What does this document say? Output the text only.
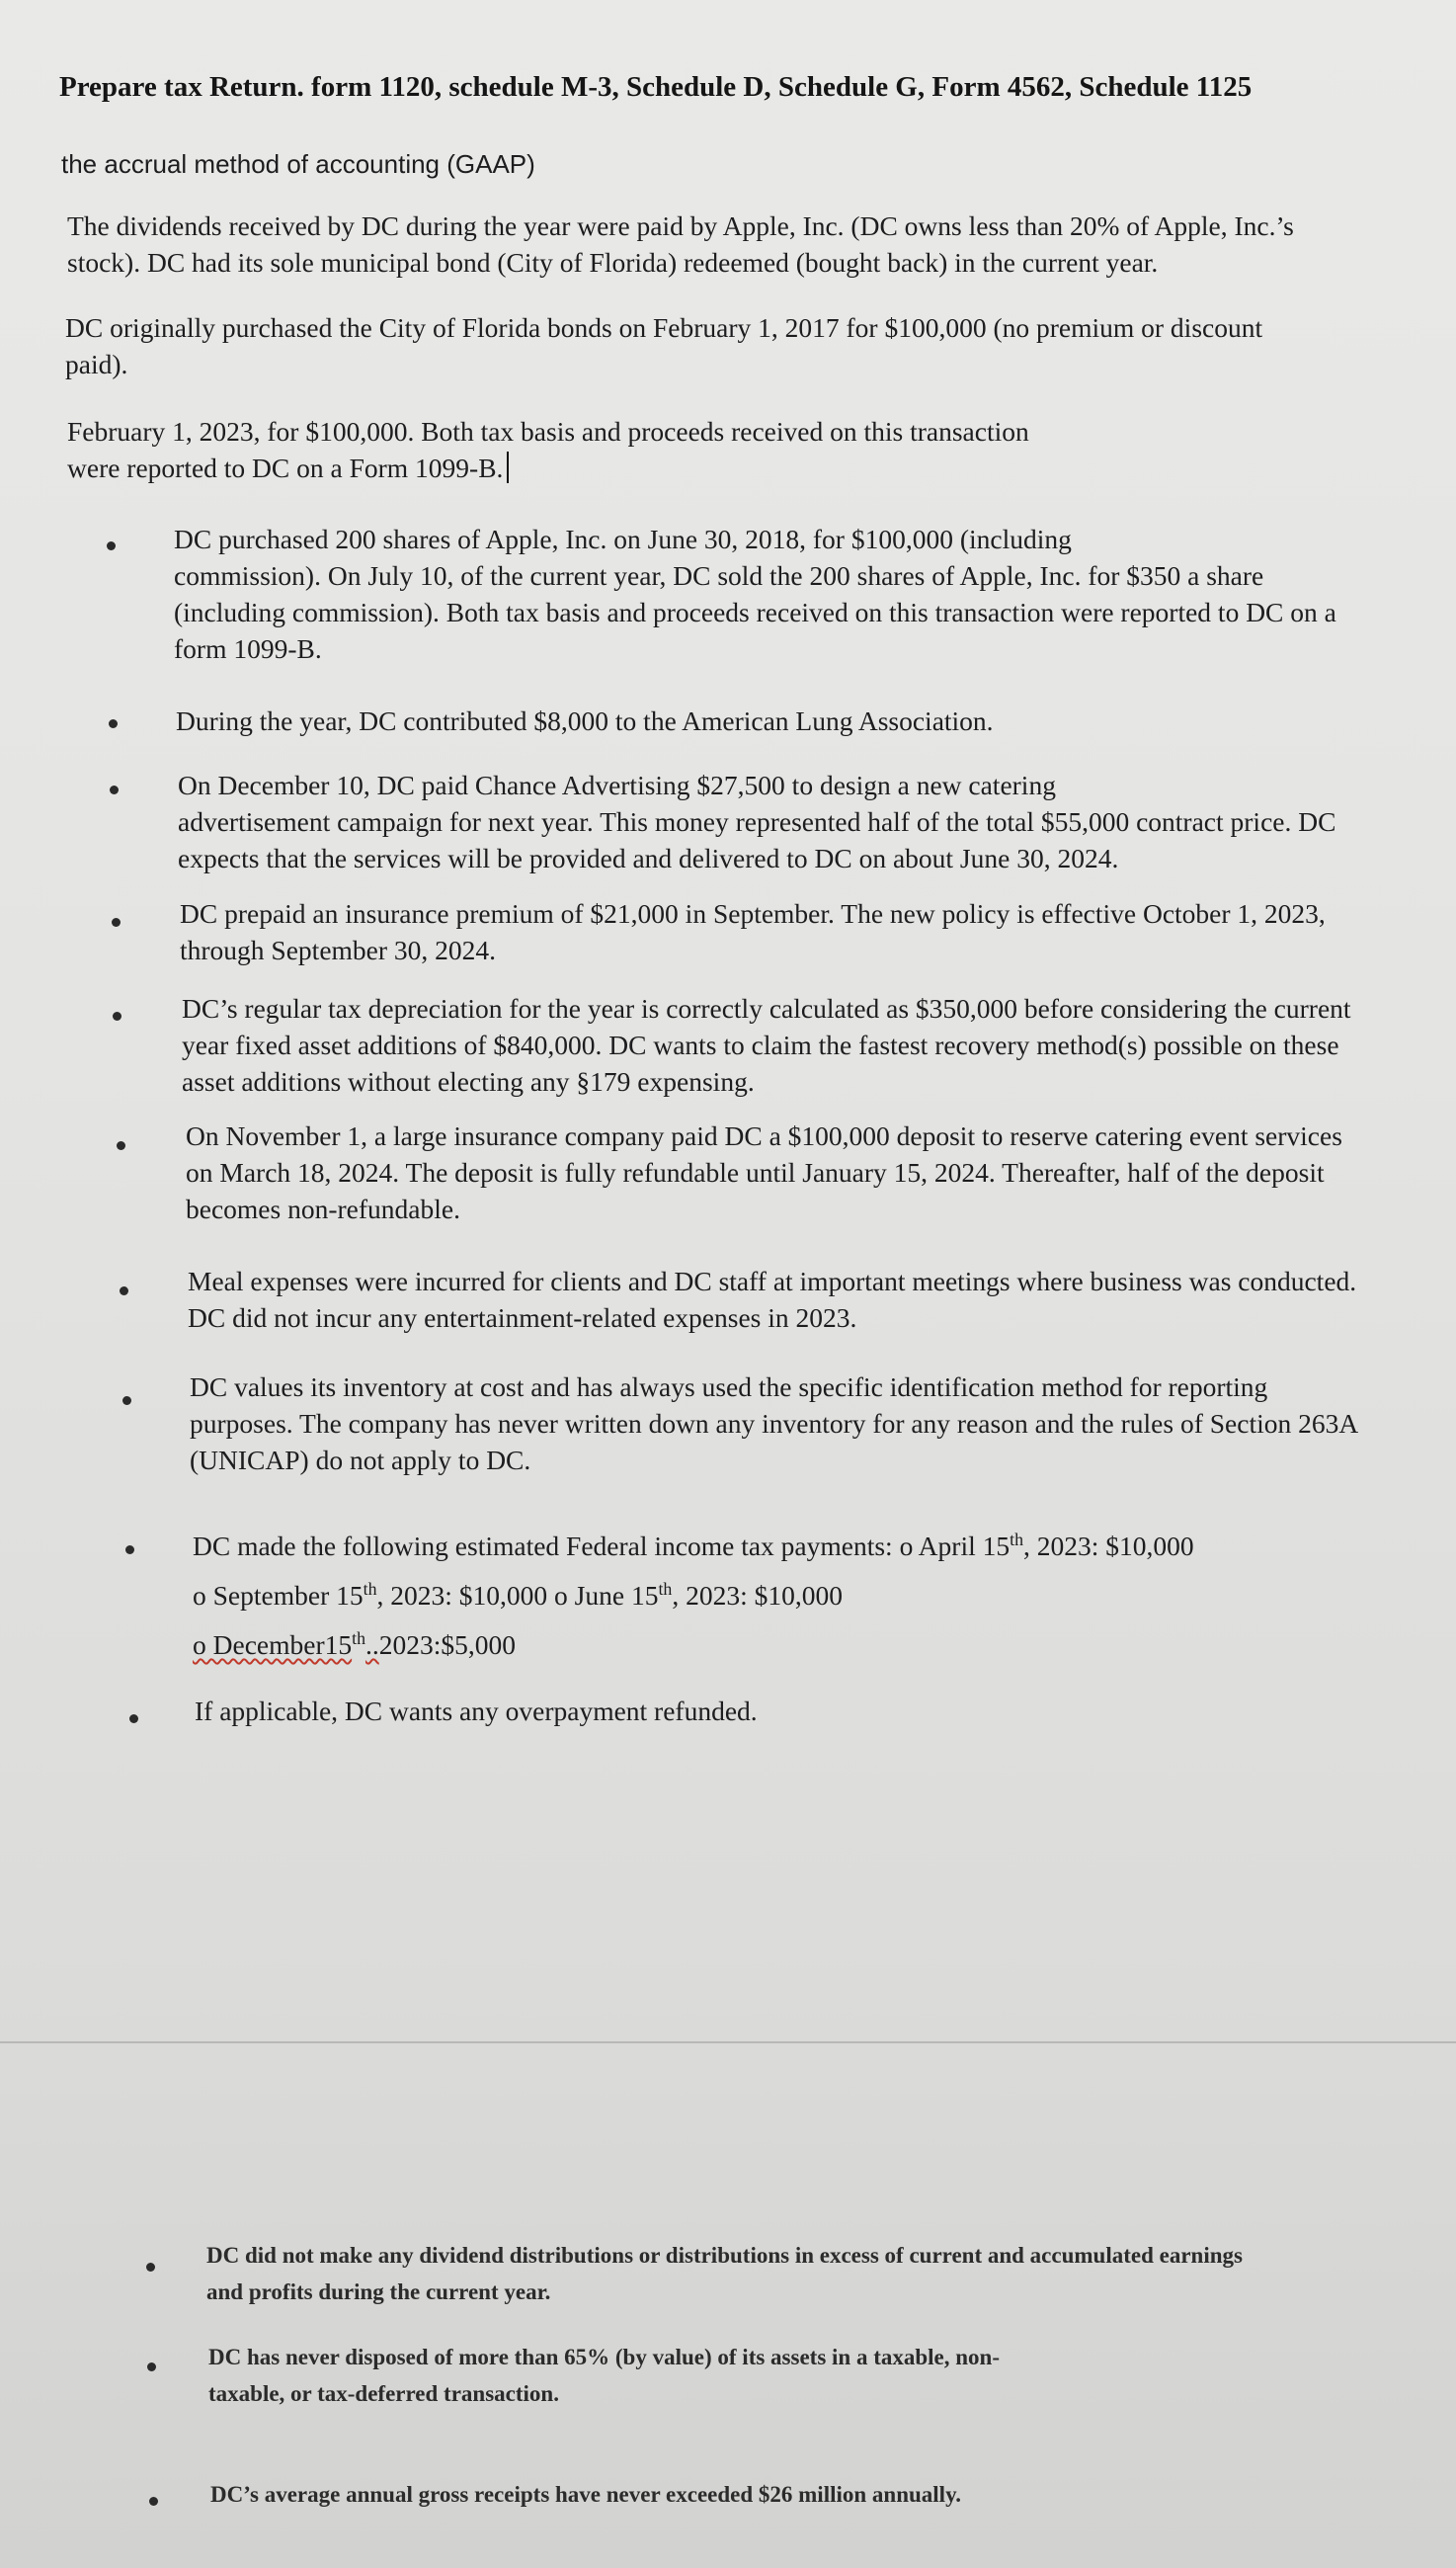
Prepare tax Return. form 1120, schedule M-3, Schedule D, Schedule G, Form 4562, Schedule 1125
the accrual method of accounting (GAAP)
The dividends received by DC during the year were paid by Apple, Inc. (DC owns less than 20% of Apple, Inc.’s
stock). DC had its sole municipal bond (City of Florida) redeemed (bought back) in the current year.
DC originally purchased the City of Florida bonds on February 1, 2017 for $100,000 (no premium or discount
paid).
February 1, 2023, for $100,000. Both tax basis and proceeds received on this transaction
were reported to DC on a Form 1099-B.
DC purchased 200 shares of Apple, Inc. on June 30, 2018, for $100,000 (including
commission). On July 10, of the current year, DC sold the 200 shares of Apple, Inc. for $350 a share
(including commission). Both tax basis and proceeds received on this transaction were reported to DC on a
form 1099-B.
During the year, DC contributed $8,000 to the American Lung Association.
On December 10, DC paid Chance Advertising $27,500 to design a new catering
advertisement campaign for next year. This money represented half of the total $55,000 contract price. DC
expects that the services will be provided and delivered to DC on about June 30, 2024.
DC prepaid an insurance premium of $21,000 in September. The new policy is effective October 1, 2023,
through September 30, 2024.
DC’s regular tax depreciation for the year is correctly calculated as $350,000 before considering the current
year fixed asset additions of $840,000. DC wants to claim the fastest recovery method(s) possible on these
asset additions without electing any §179 expensing.
On November 1, a large insurance company paid DC a $100,000 deposit to reserve catering event services
on March 18, 2024. The deposit is fully refundable until January 15, 2024. Thereafter, half of the deposit
becomes non-refundable.
Meal expenses were incurred for clients and DC staff at important meetings where business was conducted.
DC did not incur any entertainment-related expenses in 2023.
DC values its inventory at cost and has always used the specific identification method for reporting
purposes. The company has never written down any inventory for any reason and the rules of Section 263A
(UNICAP) do not apply to DC.
DC made the following estimated Federal income tax payments: o April 15th, 2023: $10,000
o September 15th, 2023: $10,000 o June 15th, 2023: $10,000
o December15th..2023:$5,000
If applicable, DC wants any overpayment refunded.
DC did not make any dividend distributions or distributions in excess of current and accumulated earnings
and profits during the current year.
DC has never disposed of more than 65% (by value) of its assets in a taxable, non-
taxable, or tax-deferred transaction.
DC’s average annual gross receipts have never exceeded $26 million annually.
